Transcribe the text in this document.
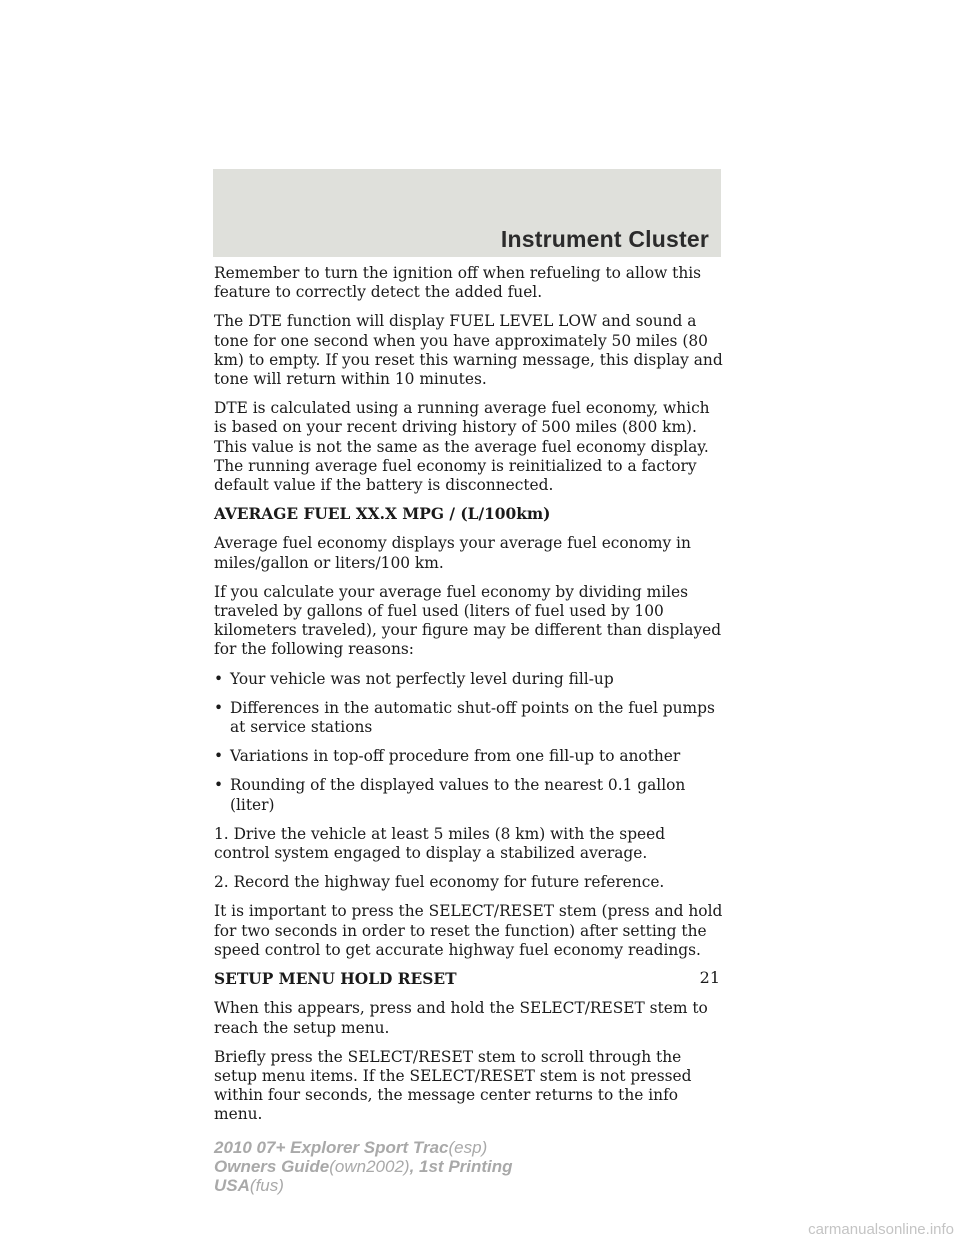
Instrument Cluster

Remember to turn the ignition off when refueling to allow this feature to correctly detect the added fuel.

The DTE function will display FUEL LEVEL LOW and sound a tone for one second when you have approximately 50 miles (80 km) to empty. If you reset this warning message, this display and tone will return within 10 minutes.

DTE is calculated using a running average fuel economy, which is based on your recent driving history of 500 miles (800 km). This value is not the same as the average fuel economy display. The running average fuel economy is reinitialized to a factory default value if the battery is disconnected.

AVERAGE FUEL XX.X MPG / (L/100km)

Average fuel economy displays your average fuel economy in miles/gallon or liters/100 km.

If you calculate your average fuel economy by dividing miles traveled by gallons of fuel used (liters of fuel used by 100 kilometers traveled), your figure may be different than displayed for the following reasons:

• Your vehicle was not perfectly level during fill-up
• Differences in the automatic shut-off points on the fuel pumps at service stations
• Variations in top-off procedure from one fill-up to another
• Rounding of the displayed values to the nearest 0.1 gallon (liter)

1. Drive the vehicle at least 5 miles (8 km) with the speed control system engaged to display a stabilized average.

2. Record the highway fuel economy for future reference.

It is important to press the SELECT/RESET stem (press and hold for two seconds in order to reset the function) after setting the speed control to get accurate highway fuel economy readings.

SETUP MENU HOLD RESET

When this appears, press and hold the SELECT/RESET stem to reach the setup menu.

Briefly press the SELECT/RESET stem to scroll through the setup menu items. If the SELECT/RESET stem is not pressed within four seconds, the message center returns to the info menu.

21
2010 07+ Explorer Sport Trac(esp)
Owners Guide(own2002), 1st Printing
USA(fus)
carmanualsonline.info
